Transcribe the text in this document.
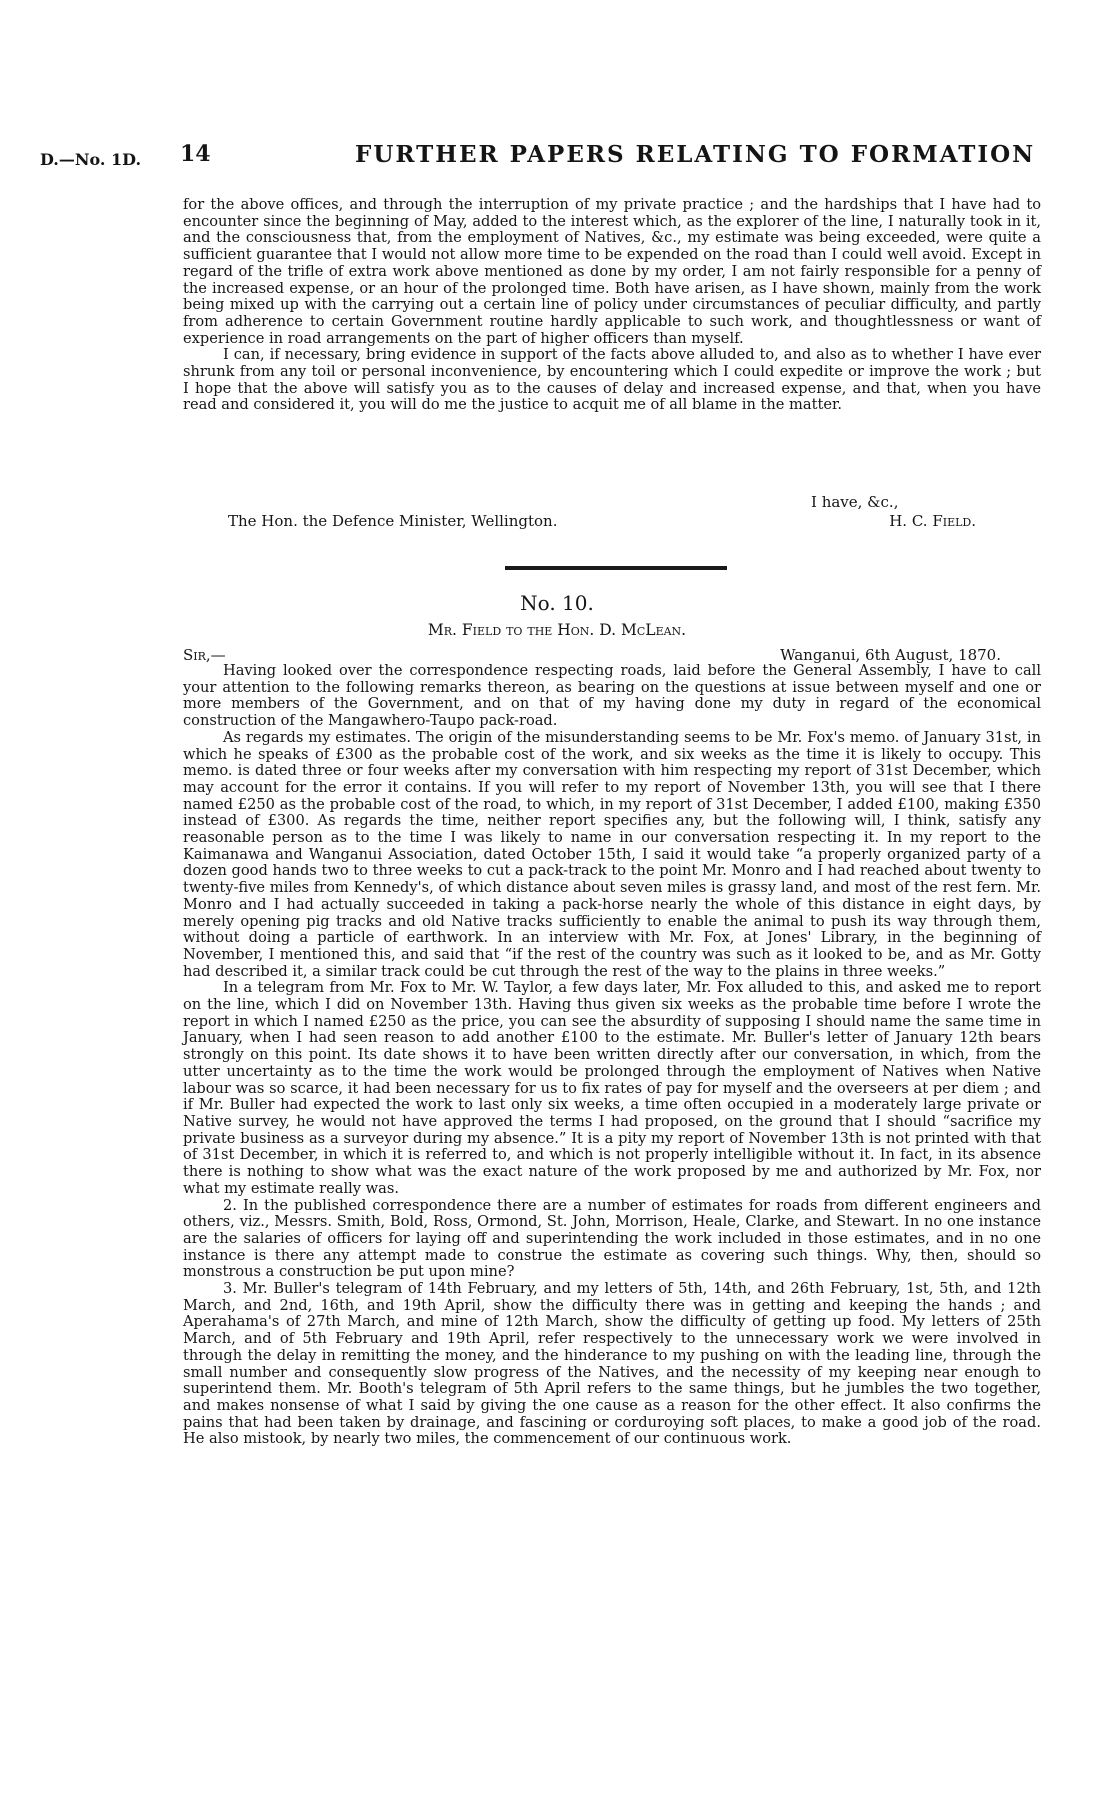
D.—No. 1D. 14	FURTHER PAPERS RELATING TO FORMATION

for the above offices, and through the interruption of my private practice ; and the hardships that I have had to encounter since the beginning of May, added to the interest which, as the explorer of the line, I naturally took in it, and the consciousness that, from the employment of Natives, &c., my estimate was being exceeded, were quite a sufficient guarantee that I would not allow more time to be expended on the road than I could well avoid. Except in regard of the trifle of extra work above mentioned as done by my order, I am not fairly responsible for a penny of the increased expense, or an hour of the prolonged time. Both have arisen, as I have shown, mainly from the work being mixed up with the carrying out a certain line of policy under circumstances of peculiar difficulty, and partly from adherence to certain Government routine hardly applicable to such work, and thoughtlessness or want of experience in road arrangements on the part of higher officers than myself.

I can, if necessary, bring evidence in support of the facts above alluded to, and also as to whether I have ever shrunk from any toil or personal inconvenience, by encountering which I could expedite or improve the work ; but I hope that the above will satisfy you as to the causes of delay and increased expense, and that, when you have read and considered it, you will do me the justice to acquit me of all blame in the matter.

I have, &c.,
The Hon. the Defence Minister, Wellington.	H. C. Field.
No. 10.
Mr. Field to the Hon. D. McLean.
Sir,—	Wanganui, 6th August, 1870.

Having looked over the correspondence respecting roads, laid before the General Assembly, I have to call your attention to the following remarks thereon, as bearing on the questions at issue between myself and one or more members of the Government, and on that of my having done my duty in regard of the economical construction of the Mangawhero-Taupo pack-road.

As regards my estimates. The origin of the misunderstanding seems to be Mr. Fox's memo. of January 31st, in which he speaks of £300 as the probable cost of the work, and six weeks as the time it is likely to occupy. This memo. is dated three or four weeks after my conversation with him respecting my report of 31st December, which may account for the error it contains. If you will refer to my report of November 13th, you will see that I there named £250 as the probable cost of the road, to which, in my report of 31st December, I added £100, making £350 instead of £300. As regards the time, neither report specifies any, but the following will, I think, satisfy any reasonable person as to the time I was likely to name in our conversation respecting it. In my report to the Kaimanawa and Wanganui Association, dated October 15th, I said it would take “a properly organized party of a dozen good hands two to three weeks to cut a pack-track to the point Mr. Monro and I had reached about twenty to twenty-five miles from Kennedy's, of which distance about seven miles is grassy land, and most of the rest fern. Mr. Monro and I had actually succeeded in taking a pack-horse nearly the whole of this distance in eight days, by merely opening pig tracks and old Native tracks sufficiently to enable the animal to push its way through them, without doing a particle of earthwork. In an interview with Mr. Fox, at Jones' Library, in the beginning of November, I mentioned this, and said that “if the rest of the country was such as it looked to be, and as Mr. Gotty had described it, a similar track could be cut through the rest of the way to the plains in three weeks.”

In a telegram from Mr. Fox to Mr. W. Taylor, a few days later, Mr. Fox alluded to this, and asked me to report on the line, which I did on November 13th. Having thus given six weeks as the probable time before I wrote the report in which I named £250 as the price, you can see the absurdity of supposing I should name the same time in January, when I had seen reason to add another £100 to the estimate. Mr. Buller's letter of January 12th bears strongly on this point. Its date shows it to have been written directly after our conversation, in which, from the utter uncertainty as to the time the work would be prolonged through the employment of Natives when Native labour was so scarce, it had been necessary for us to fix rates of pay for myself and the overseers at per diem ; and if Mr. Buller had expected the work to last only six weeks, a time often occupied in a moderately large private or Native survey, he would not have approved the terms I had proposed, on the ground that I should “sacrifice my private business as a surveyor during my absence.” It is a pity my report of November 13th is not printed with that of 31st December, in which it is referred to, and which is not properly intelligible without it. In fact, in its absence there is nothing to show what was the exact nature of the work proposed by me and authorized by Mr. Fox, nor what my estimate really was.

2. In the published correspondence there are a number of estimates for roads from different engineers and others, viz., Messrs. Smith, Bold, Ross, Ormond, St. John, Morrison, Heale, Clarke, and Stewart. In no one instance are the salaries of officers for laying off and superintending the work included in those estimates, and in no one instance is there any attempt made to construe the estimate as covering such things. Why, then, should so monstrous a construction be put upon mine?

3. Mr. Buller's telegram of 14th February, and my letters of 5th, 14th, and 26th February, 1st, 5th, and 12th March, and 2nd, 16th, and 19th April, show the difficulty there was in getting and keeping the hands ; and Aperahama's of 27th March, and mine of 12th March, show the difficulty of getting up food. My letters of 25th March, and of 5th February and 19th April, refer respectively to the unnecessary work we were involved in through the delay in remitting the money, and the hinderance to my pushing on with the leading line, through the small number and consequently slow progress of the Natives, and the necessity of my keeping near enough to superintend them. Mr. Booth's telegram of 5th April refers to the same things, but he jumbles the two together, and makes nonsense of what I said by giving the one cause as a reason for the other effect. It also confirms the pains that had been taken by drainage, and fascining or corduroying soft places, to make a good job of the road. He also mistook, by nearly two miles, the commencement of our continuous work.
